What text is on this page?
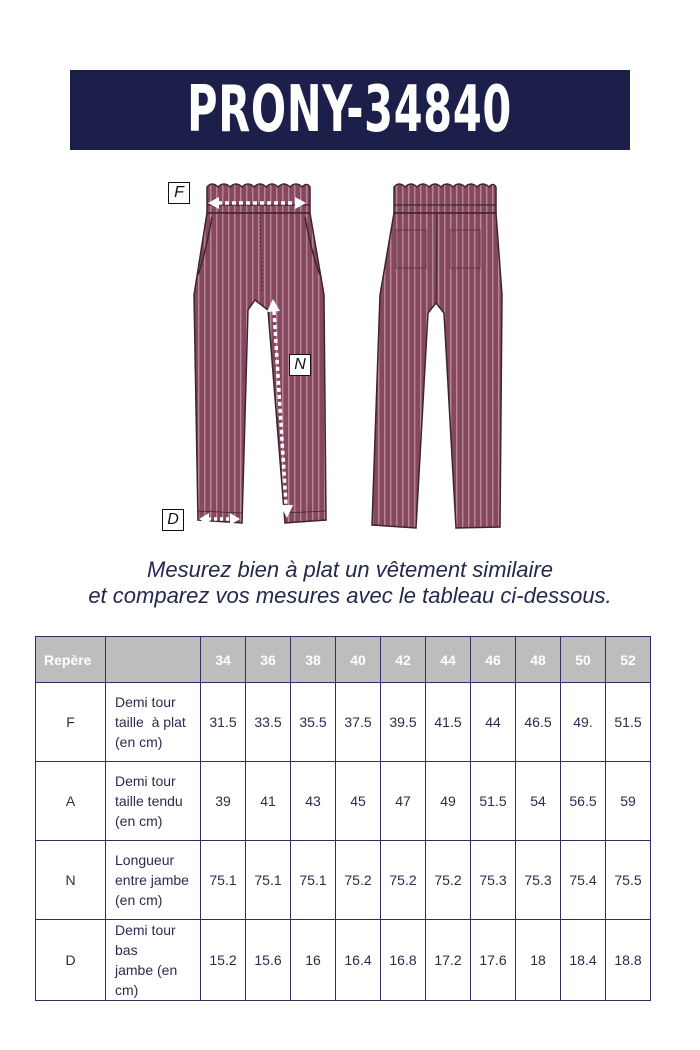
PRONY-34840
F
N
D
Mesurez bien à plat un vêtement similaire
et comparez vos mesures avec le tableau ci-dessous.
Repère		34	36	38	40	42	44	46	48	50	52
F	Demi tour
taille  à plat
(en cm)	31.5	33.5	35.5	37.5	39.5	41.5	44	46.5	49.	51.5
A	Demi tour
taille tendu
(en cm)	39	41	43	45	47	49	51.5	54	56.5	59
N	Longueur
entre jambe
(en cm)	75.1	75.1	75.1	75.2	75.2	75.2	75.3	75.3	75.4	75.5
D	Demi tour bas
jambe (en
cm)	15.2	15.6	16	16.4	16.8	17.2	17.6	18	18.4	18.8
